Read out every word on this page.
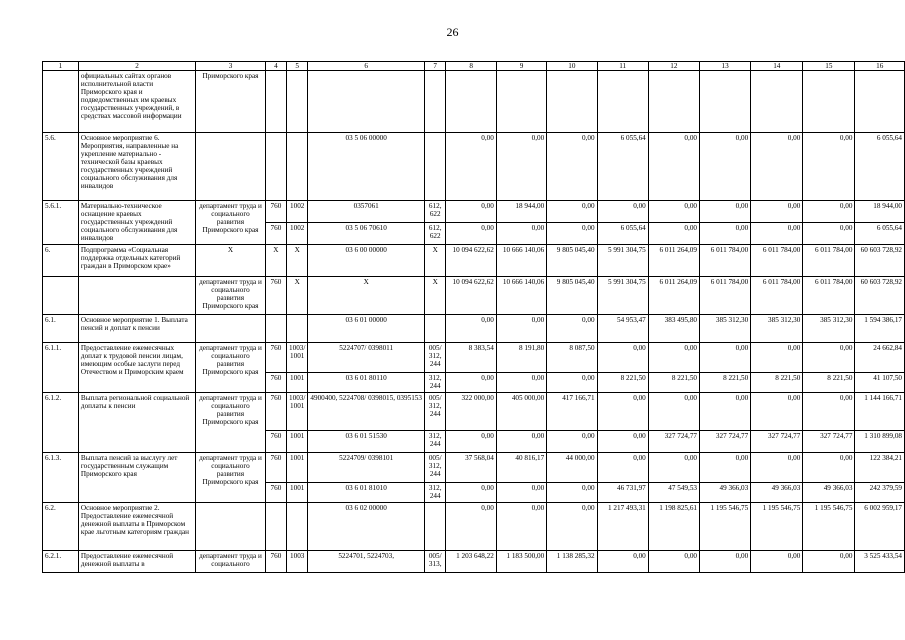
26
1	2	3	4	5	6	7	8	9	10	11	12	13	14	15	16
	официальных сайтах органов исполнительной власти Приморского края и подведомственных им краевых государственных учреждений, в средствах массовой информации	Приморского края													
5.6.	Основное мероприятие 6. Мероприятия, направленные на укрепление материально - технической базы краевых государственных учреждений социального обслуживания для инвалидов				03 5 06 00000		0,00	0,00	0,00	6 055,64	0,00	0,00	0,00	0,00	6 055,64
5.6.1.	Материально-техническое оснащение краевых государственных учреждений социального обслуживания для инвалидов	департамент труда и социального развития Приморского края	760	1002	0357061	612, 622	0,00	18 944,00	0,00	0,00	0,00	0,00	0,00	0,00	18 944,00
			760	1002	03 5 06 70610	612, 622	0,00	0,00	0,00	6 055,64	0,00	0,00	0,00	0,00	6 055,64
6.	Подпрограмма «Социальная поддержка отдельных категорий граждан в Приморском крае»	X	X	X	03 6 00 00000	X	10 094 622,62	10 666 140,06	9 805 045,40	5 991 304,75	6 011 264,09	6 011 784,00	6 011 784,00	6 011 784,00	60 603 728,92
		департамент труда и социального развития Приморского края	760	X	X	X	10 094 622,62	10 666 140,06	9 805 045,40	5 991 304,75	6 011 264,09	6 011 784,00	6 011 784,00	6 011 784,00	60 603 728,92
6.1.	Основное мероприятие 1. Выплата пенсий и доплат к пенсии				03 6 01 00000		0,00	0,00	0,00	54 953,47	383 495,80	385 312,30	385 312,30	385 312,30	1 594 386,17
6.1.1.	Предоставление ежемесячных доплат к трудовой пенсии лицам, имеющим особые заслуги перед Отечеством и Приморским краем	департамент труда и социального развития Приморского края	760	1003/ 1001	5224707/ 0398011	005/ 312, 244	8 383,54	8 191,80	8 087,50	0,00	0,00	0,00	0,00	0,00	24 662,84
			760	1001	03 6 01 80110	312, 244	0,00	0,00	0,00	8 221,50	8 221,50	8 221,50	8 221,50	8 221,50	41 107,50
6.1.2.	Выплата региональной социальной доплаты к пенсии	департамент труда и социального развития Приморского края	760	1003/ 1001	4900400, 5224708/ 0398015, 0395153	005/ 312, 244	322 000,00	405 000,00	417 166,71	0,00	0,00	0,00	0,00	0,00	1 144 166,71
			760	1001	03 6 01 51530	312, 244	0,00	0,00	0,00	0,00	327 724,77	327 724,77	327 724,77	327 724,77	1 310 899,08
6.1.3.	Выплата пенсий за выслугу лет государственным служащим Приморского края	департамент труда и социального развития Приморского края	760	1001	5224709/ 0398101	005/ 312, 244	37 568,04	40 816,17	44 000,00	0,00	0,00	0,00	0,00	0,00	122 384,21
			760	1001	03 6 01 81010	312, 244	0,00	0,00	0,00	46 731,97	47 549,53	49 366,03	49 366,03	49 366,03	242 379,59
6.2.	Основное мероприятие 2. Предоставление ежемесячной денежной выплаты в Приморском крае льготным категориям граждан				03 6 02 00000		0,00	0,00	0,00	1 217 493,31	1 198 825,61	1 195 546,75	1 195 546,75	1 195 546,75	6 002 959,17
6.2.1.	Предоставление ежемесячной денежной выплаты в	департамент труда и социального	760	1003	5224701, 5224703,	005/ 313,	1 203 648,22	1 183 500,00	1 138 285,32	0,00	0,00	0,00	0,00	0,00	3 525 433,54
